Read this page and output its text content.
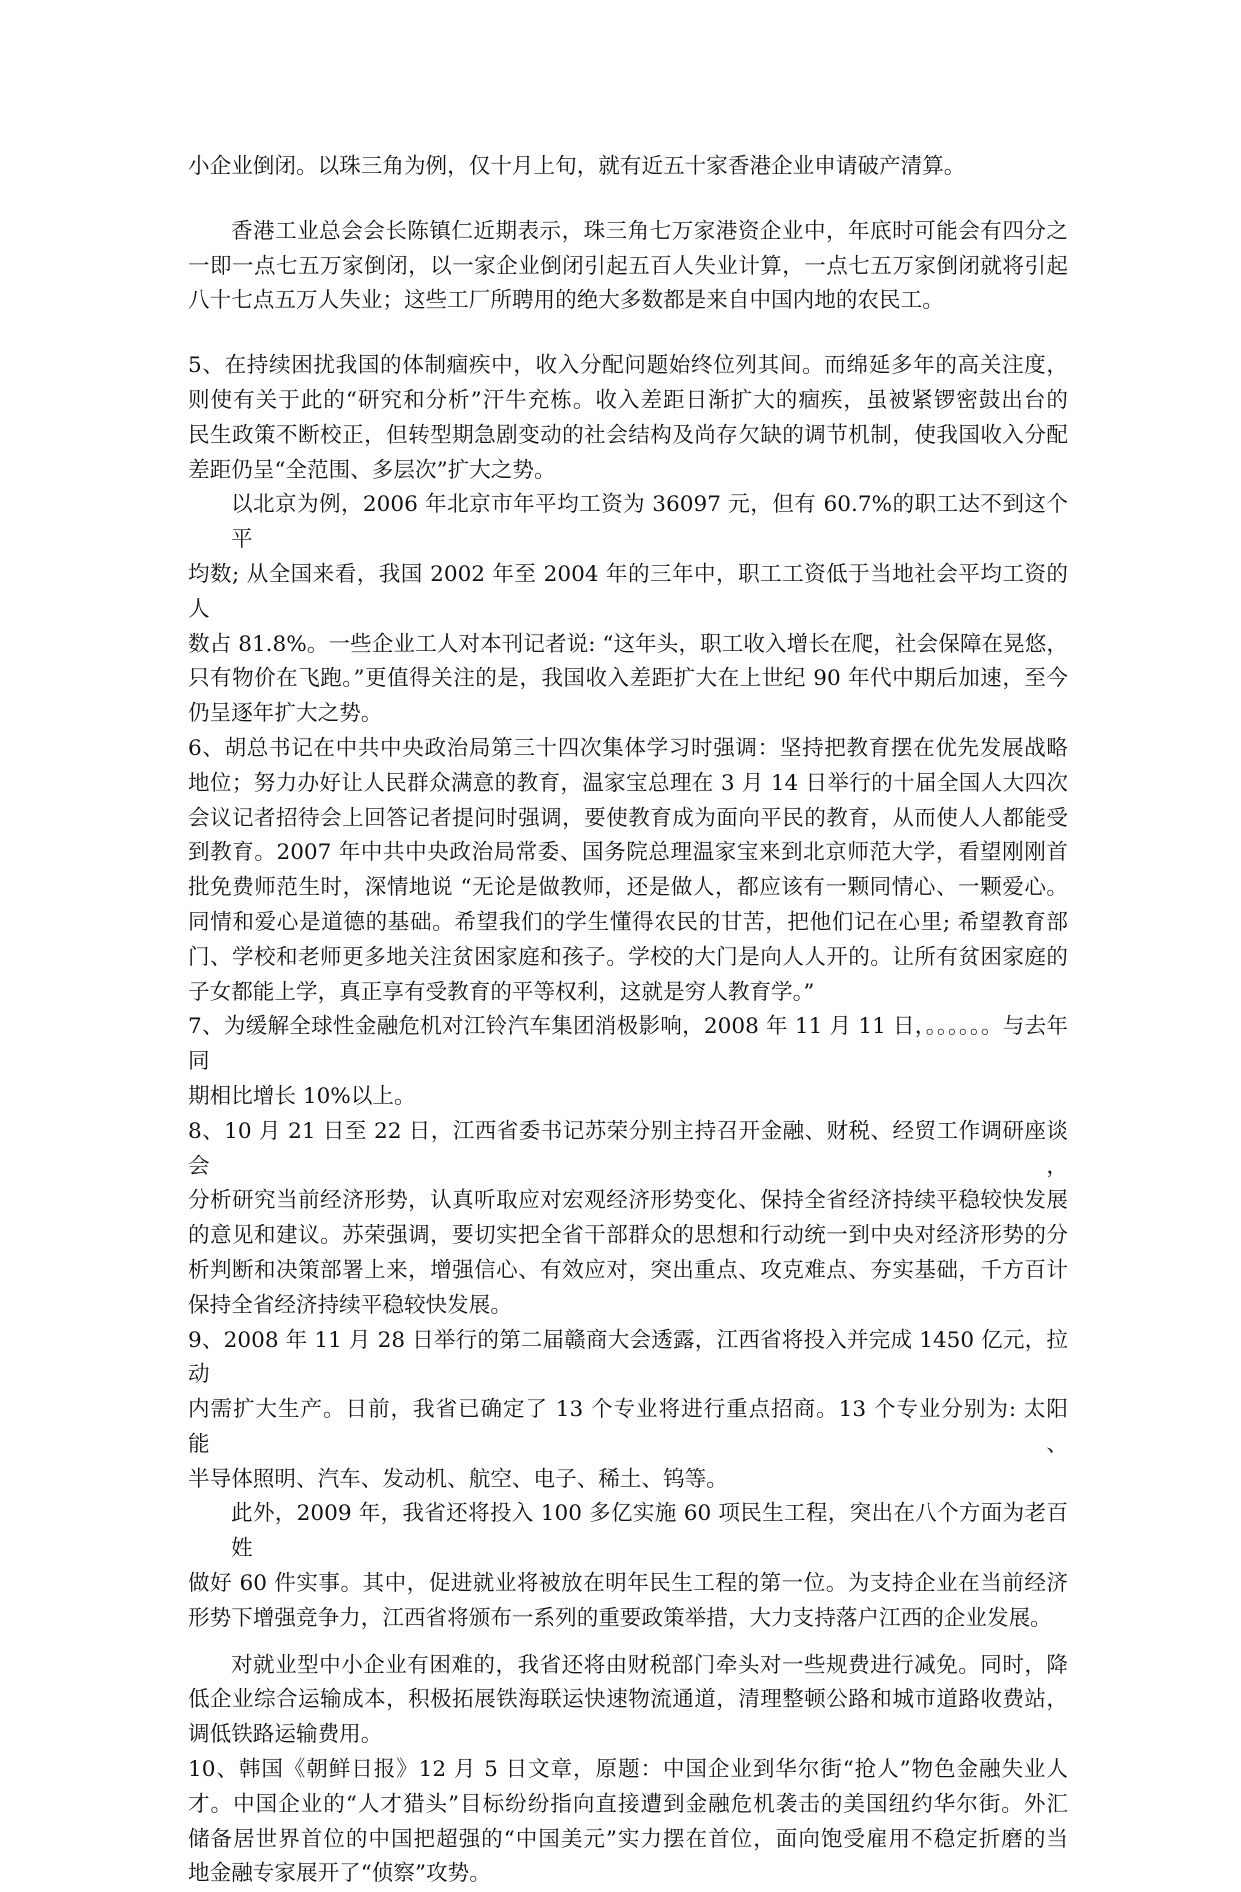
小企业倒闭。以珠三角为例，仅十月上旬，就有近五十家香港企业申请破产清算。
香港工业总会会长陈镇仁近期表示，珠三角七万家港资企业中，年底时可能会有四分之
一即一点七五万家倒闭，以一家企业倒闭引起五百人失业计算，一点七五万家倒闭就将引起
八十七点五万人失业；这些工厂所聘用的绝大多数都是来自中国内地的农民工。
5、在持续困扰我国的体制痼疾中，收入分配问题始终位列其间。而绵延多年的高关注度，
则使有关于此的“研究和分析”汗牛充栋。收入差距日渐扩大的痼疾，虽被紧锣密鼓出台的
民生政策不断校正，但转型期急剧变动的社会结构及尚存欠缺的调节机制，使我国收入分配
差距仍呈“全范围、多层次”扩大之势。
以北京为例，2006 年北京市年平均工资为 36097 元，但有 60.7%的职工达不到这个平
均数; 从全国来看，我国 2002 年至 2004 年的三年中，职工工资低于当地社会平均工资的人
数占 81.8%。一些企业工人对本刊记者说: “这年头，职工收入增长在爬，社会保障在晃悠，
只有物价在飞跑。”更值得关注的是，我国收入差距扩大在上世纪 90 年代中期后加速，至今
仍呈逐年扩大之势。
6、胡总书记在中共中央政治局第三十四次集体学习时强调：坚持把教育摆在优先发展战略
地位；努力办好让人民群众满意的教育，温家宝总理在 3 月 14 日举行的十届全国人大四次
会议记者招待会上回答记者提问时强调，要使教育成为面向平民的教育，从而使人人都能受
到教育。2007 年中共中央政治局常委、国务院总理温家宝来到北京师范大学，看望刚刚首
批免费师范生时，深情地说 “无论是做教师，还是做人，都应该有一颗同情心、一颗爱心。
同情和爱心是道德的基础。希望我们的学生懂得农民的甘苦，把他们记在心里; 希望教育部
门、学校和老师更多地关注贫困家庭和孩子。学校的大门是向人人开的。让所有贫困家庭的
子女都能上学，真正享有受教育的平等权利，这就是穷人教育学。”
7、为缓解全球性金融危机对江铃汽车集团消极影响，2008 年 11 月 11 日，。。。。。。与去年同
期相比增长 10%以上。
8、10 月 21 日至 22 日，江西省委书记苏荣分别主持召开金融、财税、经贸工作调研座谈会，
分析研究当前经济形势，认真听取应对宏观经济形势变化、保持全省经济持续平稳较快发展
的意见和建议。苏荣强调，要切实把全省干部群众的思想和行动统一到中央对经济形势的分
析判断和决策部署上来，增强信心、有效应对，突出重点、攻克难点、夯实基础，千方百计
保持全省经济持续平稳较快发展。
9、2008 年 11 月 28 日举行的第二届赣商大会透露，江西省将投入并完成 1450 亿元，拉动
内需扩大生产。日前，我省已确定了 13 个专业将进行重点招商。13 个专业分别为: 太阳能、
半导体照明、汽车、发动机、航空、电子、稀土、钨等。
此外，2009 年，我省还将投入 100 多亿实施 60 项民生工程，突出在八个方面为老百姓
做好 60 件实事。其中，促进就业将被放在明年民生工程的第一位。为支持企业在当前经济
形势下增强竞争力，江西省将颁布一系列的重要政策举措，大力支持落户江西的企业发展。
对就业型中小企业有困难的，我省还将由财税部门牵头对一些规费进行减免。同时，降
低企业综合运输成本，积极拓展铁海联运快速物流通道，清理整顿公路和城市道路收费站，
调低铁路运输费用。
10、韩国《朝鲜日报》12 月 5 日文章，原题：中国企业到华尔街“抢人”物色金融失业人
才。中国企业的“人才猎头”目标纷纷指向直接遭到金融危机袭击的美国纽约华尔街。外汇
储备居世界首位的中国把超强的“中国美元”实力摆在首位，面向饱受雇用不稳定折磨的当
地金融专家展开了“侦察”攻势。
